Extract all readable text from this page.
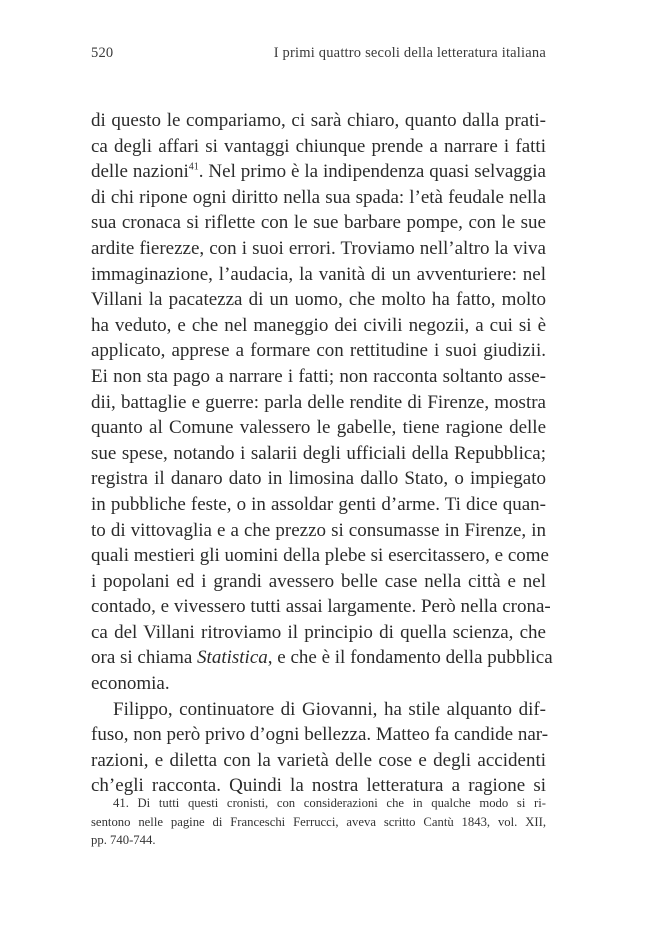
520	I primi quattro secoli della letteratura italiana
di questo le compariamo, ci sarà chiaro, quanto dalla prati-
ca degli affari si vantaggi chiunque prende a narrare i fatti
delle nazioni$^{41}$. Nel primo è la indipendenza quasi selvaggia
di chi ripone ogni diritto nella sua spada: l’età feudale nella
sua cronaca si riflette con le sue barbare pompe, con le sue
ardite fierezze, con i suoi errori. Troviamo nell’altro la viva
immaginazione, l’audacia, la vanità di un avventuriere: nel
Villani la pacatezza di un uomo, che molto ha fatto, molto
ha veduto, e che nel maneggio dei civili negozii, a cui si è
applicato, apprese a formare con rettitudine i suoi giudizii.
Ei non sta pago a narrare i fatti; non racconta soltanto asse-
dii, battaglie e guerre: parla delle rendite di Firenze, mostra
quanto al Comune valessero le gabelle, tiene ragione delle
sue spese, notando i salarii degli ufficiali della Repubblica;
registra il danaro dato in limosina dallo Stato, o impiegato
in pubbliche feste, o in assoldar genti d’arme. Ti dice quan-
to di vittovaglia e a che prezzo si consumasse in Firenze, in
quali mestieri gli uomini della plebe si esercitassero, e come
i popolani ed i grandi avessero belle case nella città e nel
contado, e vivessero tutti assai largamente. Però nella crona-
ca del Villani ritroviamo il principio di quella scienza, che
ora si chiama Statistica, e che è il fondamento della pubblica
economia.
Filippo, continuatore di Giovanni, ha stile alquanto dif-
fuso, non però privo d’ogni bellezza. Matteo fa candide nar-
razioni, e diletta con la varietà delle cose e degli accidenti
ch’egli racconta. Quindi la nostra letteratura a ragione si
41. Di tutti questi cronisti, con considerazioni che in qualche modo si ri-
sentono nelle pagine di Franceschi Ferrucci, aveva scritto Cantù 1843, vol. XII,
pp. 740-744.
